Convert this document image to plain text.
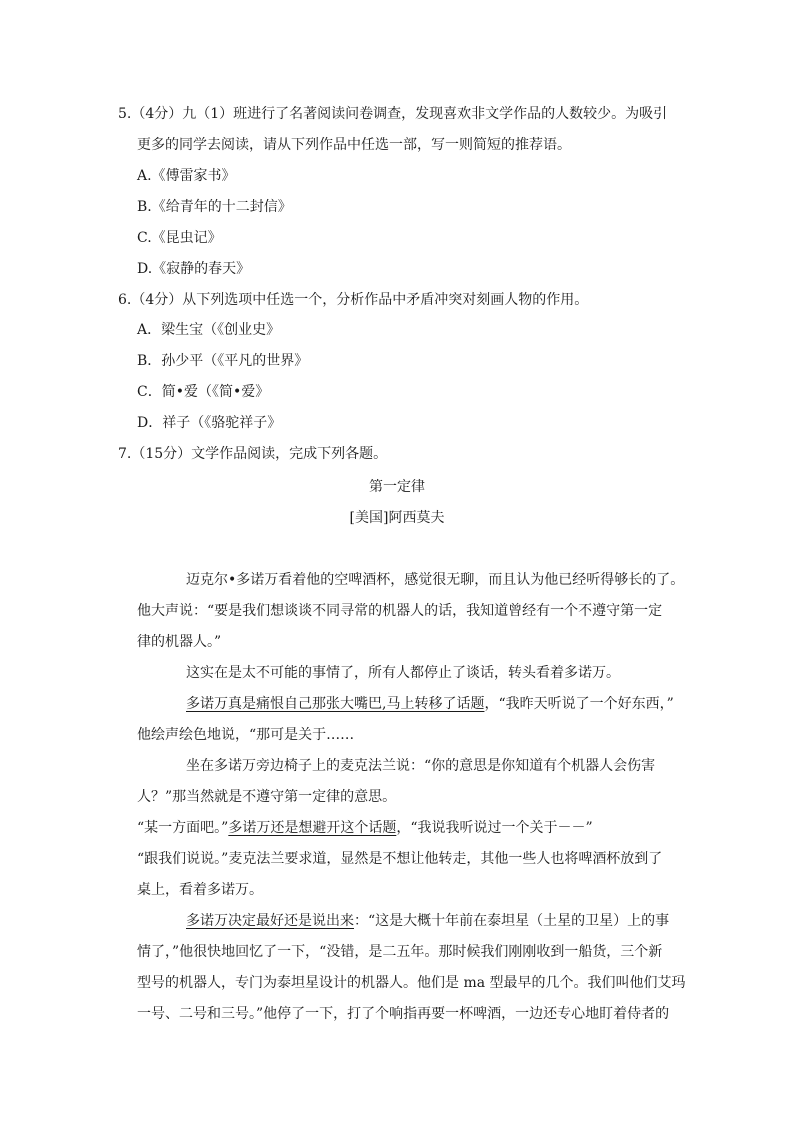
5.（4分）九（1）班进行了名著阅读问卷调查，发现喜欢非文学作品的人数较少。为吸引
更多的同学去阅读，请从下列作品中任选一部，写一则简短的推荐语。
A.《傅雷家书》
B.《给青年的十二封信》
C.《昆虫记》
D.《寂静的春天》
6.（4分）从下列选项中任选一个，分析作品中矛盾冲突对刻画人物的作用。
A．梁生宝（《创业史》
B．孙少平（《平凡的世界》
C．简•爱（《简•爱》
D．祥子（《骆驼祥子》
7.（15分）文学作品阅读，完成下列各题。
第一定律
[美国]阿西莫夫
迈克尔•多诺万看着他的空啤酒杯，感觉很无聊，而且认为他已经听得够长的了。
他大声说：“要是我们想谈谈不同寻常的机器人的话，我知道曾经有一个不遵守第一定
律的机器人。”
这实在是太不可能的事情了，所有人都停止了谈话，转头看着多诺万。
多诺万真是痛恨自己那张大嘴巴,马上转移了话题，“我昨天听说了一个好东西，”
他绘声绘色地说，“那可是关于……
坐在多诺万旁边椅子上的麦克法兰说：“你的意思是你知道有个机器人会伤害
人？”那当然就是不遵守第一定律的意思。
“某一方面吧。”多诺万还是想避开这个话题，“我说我听说过一个关于－－”
“跟我们说说。”麦克法兰要求道，显然是不想让他转走，其他一些人也将啤酒杯放到了
桌上，看着多诺万。
多诺万决定最好还是说出来：“这是大概十年前在泰坦星（土星的卫星）上的事
情了，”他很快地回忆了一下，“没错，是二五年。那时候我们刚刚收到一船货，三个新
型号的机器人，专门为泰坦星设计的机器人。他们是 ma 型最早的几个。我们叫他们艾玛
一号、二号和三号。”他停了一下，打了个响指再要一杯啤酒，一边还专心地盯着侍者的
